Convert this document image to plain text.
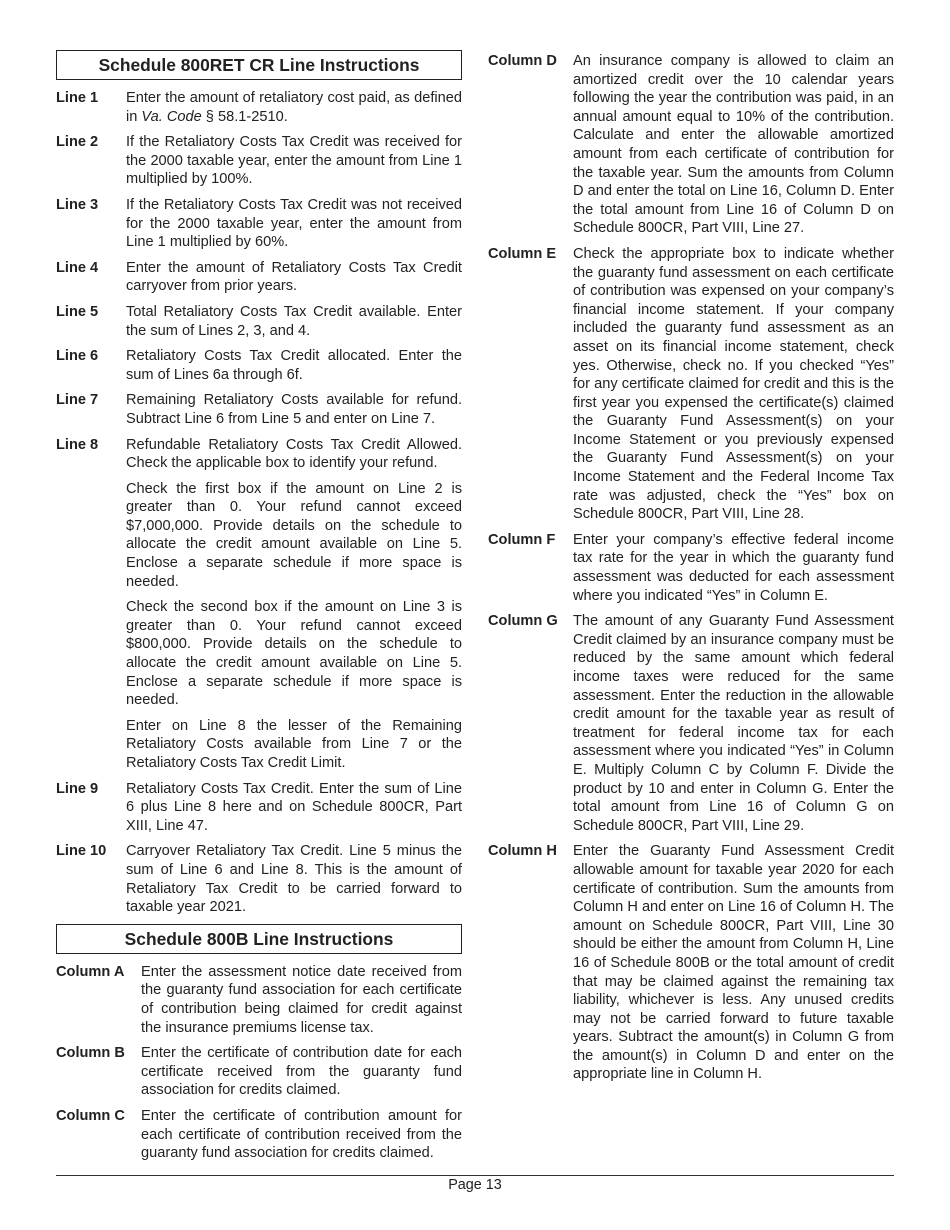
Schedule 800RET CR Line Instructions
Line 1	Enter the amount of retaliatory cost paid, as defined in Va. Code § 58.1-2510.
Line 2	If the Retaliatory Costs Tax Credit was received for the 2000 taxable year, enter the amount from Line 1 multiplied by 100%.
Line 3	If the Retaliatory Costs Tax Credit was not received for the 2000 taxable year, enter the amount from Line 1 multiplied by 60%.
Line 4	Enter the amount of Retaliatory Costs Tax Credit carryover from prior years.
Line 5	Total Retaliatory Costs Tax Credit available. Enter the sum of Lines 2, 3, and 4.
Line 6	Retaliatory Costs Tax Credit allocated. Enter the sum of Lines 6a through 6f.
Line 7	Remaining Retaliatory Costs available for refund. Subtract Line 6 from Line 5 and enter on Line 7.
Line 8	Refundable Retaliatory Costs Tax Credit Allowed. Check the applicable box to identify your refund.
Check the first box if the amount on Line 2 is greater than 0. Your refund cannot exceed $7,000,000. Provide details on the schedule to allocate the credit amount available on Line 5. Enclose a separate schedule if more space is needed.
Check the second box if the amount on Line 3 is greater than 0. Your refund cannot exceed $800,000. Provide details on the schedule to allocate the credit amount available on Line 5. Enclose a separate schedule if more space is needed.
Enter on Line 8 the lesser of the Remaining Retaliatory Costs available from Line 7 or the Retaliatory Costs Tax Credit Limit.
Line 9	Retaliatory Costs Tax Credit. Enter the sum of Line 6 plus Line 8 here and on Schedule 800CR, Part XIII, Line 47.
Line 10	Carryover Retaliatory Tax Credit. Line 5 minus the sum of Line 6 and Line 8. This is the amount of Retaliatory Tax Credit to be carried forward to taxable year 2021.
Schedule 800B Line Instructions
Column A	Enter the assessment notice date received from the guaranty fund association for each certificate of contribution being claimed for credit against the insurance premiums license tax.
Column B	Enter the certificate of contribution date for each certificate received from the guaranty fund association for credits claimed.
Column C	Enter the certificate of contribution amount for each certificate of contribution received from the guaranty fund association for credits claimed.
Column D	An insurance company is allowed to claim an amortized credit over the 10 calendar years following the year the contribution was paid, in an annual amount equal to 10% of the contribution. Calculate and enter the allowable amortized amount from each certificate of contribution for the taxable year. Sum the amounts from Column D and enter the total on Line 16, Column D. Enter the total amount from Line 16 of Column D on Schedule 800CR, Part VIII, Line 27.
Column E	Check the appropriate box to indicate whether the guaranty fund assessment on each certificate of contribution was expensed on your company’s financial income statement. If your company included the guaranty fund assessment as an asset on its financial income statement, check yes. Otherwise, check no. If you checked “Yes” for any certificate claimed for credit and this is the first year you expensed the certificate(s) claimed the Guaranty Fund Assessment(s) on your Income Statement or you previously expensed the Guaranty Fund Assessment(s) on your Income Statement and the Federal Income Tax rate was adjusted, check the “Yes” box on Schedule 800CR, Part VIII, Line 28.
Column F	Enter your company’s effective federal income tax rate for the year in which the guaranty fund assessment was deducted for each assessment where you indicated “Yes” in Column E.
Column G	The amount of any Guaranty Fund Assessment Credit claimed by an insurance company must be reduced by the same amount which federal income taxes were reduced for the same assessment. Enter the reduction in the allowable credit amount for the taxable year as result of treatment for federal income tax for each assessment where you indicated “Yes” in Column E. Multiply Column C by Column F. Divide the product by 10 and enter in Column G. Enter the total amount from Line 16 of Column G on Schedule 800CR, Part VIII, Line 29.
Column H	Enter the Guaranty Fund Assessment Credit allowable amount for taxable year 2020 for each certificate of contribution. Sum the amounts from Column H and enter on Line 16 of Column H. The amount on Schedule 800CR, Part VIII, Line 30 should be either the amount from Column H, Line 16 of Schedule 800B or the total amount of credit that may be claimed against the remaining tax liability, whichever is less. Any unused credits may not be carried forward to future taxable years. Subtract the amount(s) in Column G from the amount(s) in Column D and enter on the appropriate line in Column H.
Page 13
